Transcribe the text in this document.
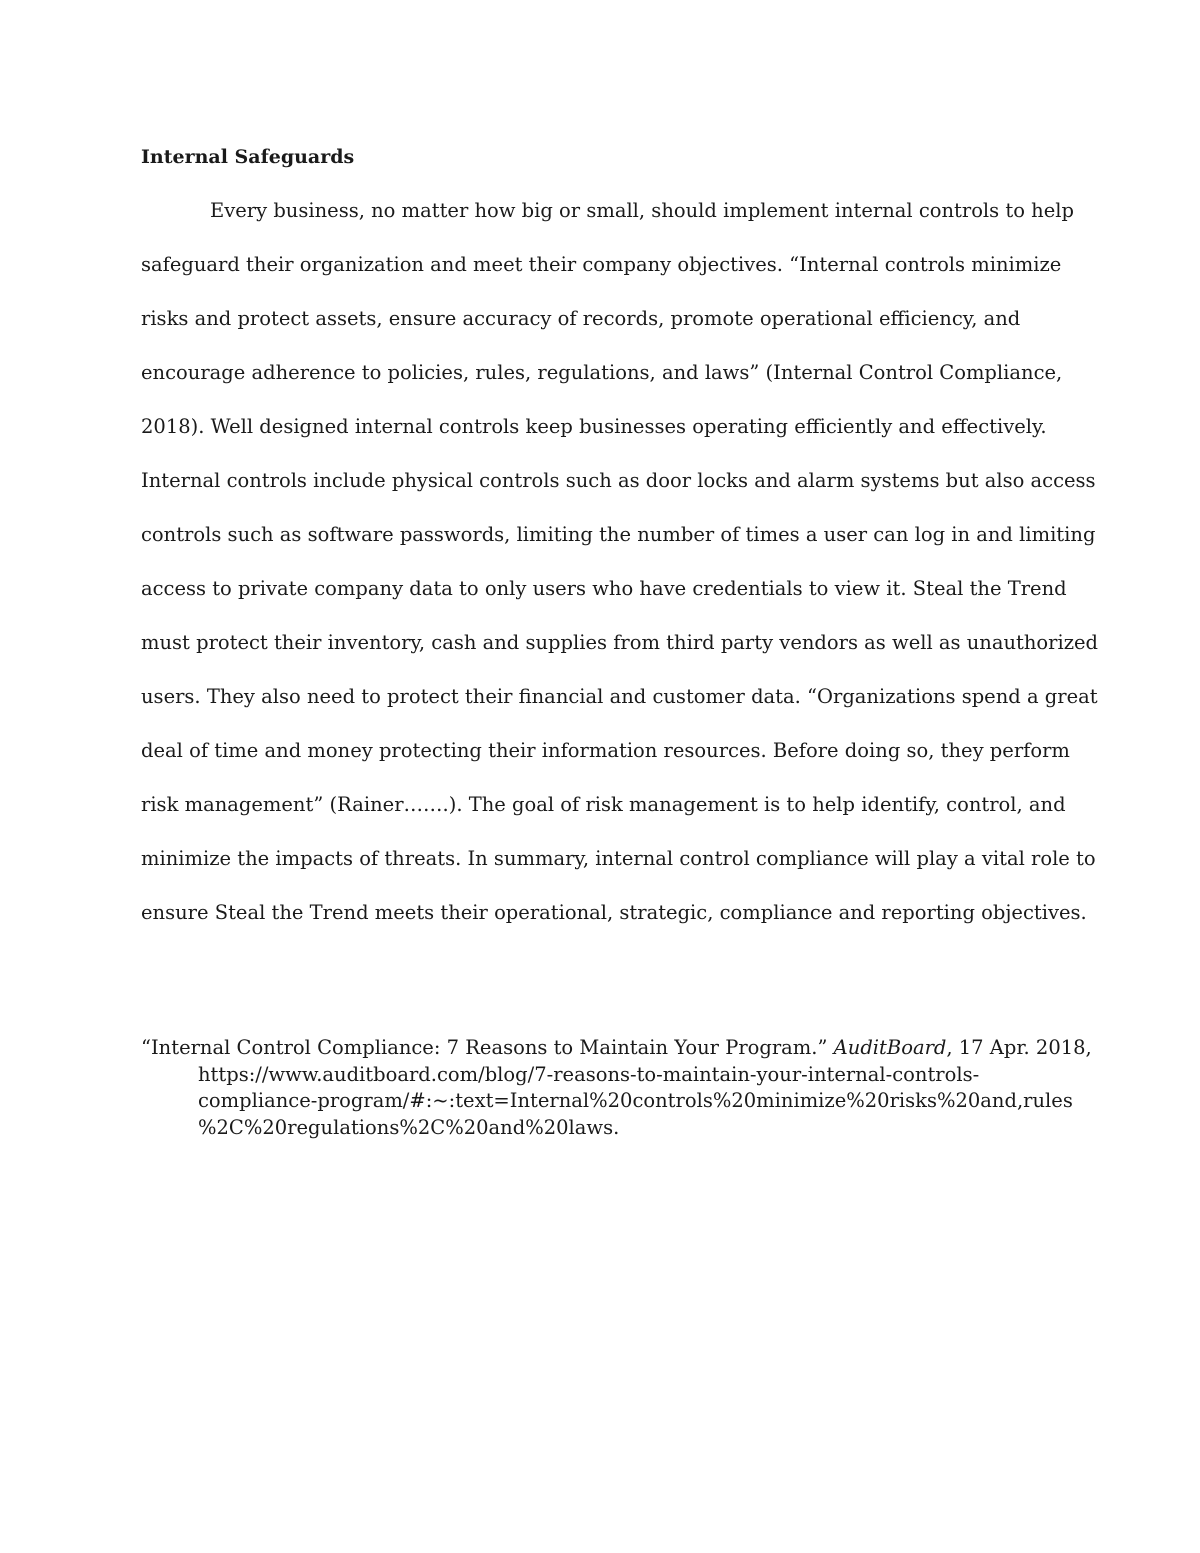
Internal Safeguards
Every business, no matter how big or small, should implement internal controls to help
safeguard their organization and meet their company objectives. “Internal controls minimize
risks and protect assets, ensure accuracy of records, promote operational efficiency, and
encourage adherence to policies, rules, regulations, and laws” (Internal Control Compliance,
2018). Well designed internal controls keep businesses operating efficiently and effectively.
Internal controls include physical controls such as door locks and alarm systems but also access
controls such as software passwords, limiting the number of times a user can log in and limiting
access to private company data to only users who have credentials to view it. Steal the Trend
must protect their inventory, cash and supplies from third party vendors as well as unauthorized
users. They also need to protect their financial and customer data. “Organizations spend a great
deal of time and money protecting their information resources. Before doing so, they perform
risk management” (Rainer…….). The goal of risk management is to help identify, control, and
minimize the impacts of threats. In summary, internal control compliance will play a vital role to
ensure Steal the Trend meets their operational, strategic, compliance and reporting objectives.
“Internal Control Compliance: 7 Reasons to Maintain Your Program.” AuditBoard, 17 Apr. 2018,
https://www.auditboard.com/blog/7-reasons-to-maintain-your-internal-controls-
compliance-program/#:~:text=Internal%20controls%20minimize%20risks%20and,rules
%2C%20regulations%2C%20and%20laws.
